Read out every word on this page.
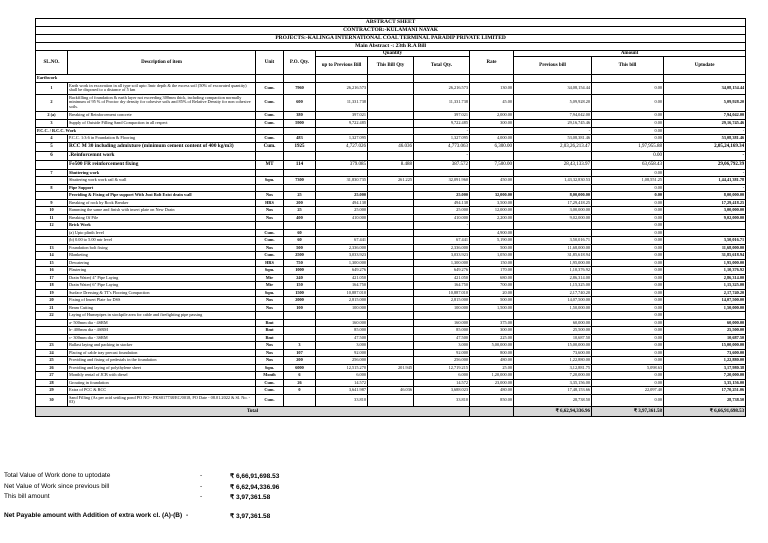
ABSTRACT SHEET										
CONTRACTOR:-KULAMANI NAYAK										
PROJECTS:-KALINGA INTERNATIONAL COAL TERMINAL PARADIP PRIVATE LIMITED										
Main Abstract -: 23th R.A Bill										
SL.NO.	Description of item	Unit	P.O. Qty.	Quantity			Rate	Amount		
				up to Previous Bill	This Bill Qty	Total Qty.		Previous bill	This bill	Uptodate
Earthwork										
1	Earth work in excavation in all type soil upto 3mtr depth & the excess soil (50% of excavated quantity) shall be disposed to a distance of 5 km	Cum.	7960	26,216.573		26,216.573	130.00	34,08,154.44	0.00	34,08,154.44
2	Backfilling of foundation & earth layer not exceeding 300mm thick, including compaction normally minimum of 95 % of Proctor dry density for cohesive soils and 85% of Relative Density for non cohesive soils.	Cum.	600	11,331.738		11,331.738	45.00	5,09,928.20	0.00	5,09,928.20
2 (a)	Breaking of Reinforcement concrete	Cum.	380	397.021		397.021	2,000.00	7,94,042.00	0.00	7,94,042.00
3	Supply of Outside Filling Sand Compaction in all respect	Cum.	5900	9,722.485		9,722.485	300.00	29,16,745.46	0.00	29,16,745.46
P.C.C. / R.C.C. Work						-		-	0.00	-
4	P.C.C. 1:3:6 in Foundation & Flooring	Cum.	483	1,327.095		1,327.095	4,000.00	53,08,381.46	0.00	53,08,381.46
5	RCC M 30 including admixture (minimum cement content of 400 kg/m3)	Cum.	1925	4,727.026	46.036	4,773.063	6,300.00	2,03,26,213.47	1,97,955.88	2,05,24,169.34
6	.Reinforcemnt work					-			0.00	-
	Fe500 FR reinforcement fixing	MT	114	379.085	8.488	387.572	7,500.00	28,43,133.97	63,658.43	29,06,792.39
7	Shuttering work								0.00	-
	Shuttering work work rail & wall	Sqm.	7300	31,830.735	261.225	32,091.960	450.00	1,43,32,830.53	1,08,551.25	1,44,41,381.78
8	Pipe Support								0.00	-
	Providing & Fixing of Pipe support With Just Bolt Exist drain wall	Nos	25	25.000		25.000	32,000.00	8,00,000.00	0.00	8,00,000.00
9	Breaking of rock by Rock Breaker	HRS	200	494.138		494.138	3,500.00	17,29,418.25	0.00	17,29,418.25
10	Ramming the same and finish with insert plate on New Drain	Nos	25	25.000		25.000	12,000.00	3,00,000.00	0.00	3,00,000.00
11	Breaking Of Pile	Nos	400	410.000		410.000	2,200.00	9,02,000.00	0.00	9,02,000.00
12	Brick Work					-			0.00	
	(a) Upto plinth level	Cum.	60				4,900.00		0.00	
	(b) 0.00 to 5.00 mtr level	Cum.	60	67.441		67.441	5,190.00	3,50,016.71	0.00	3,50,016.71
13	Foundation bolt fixing	Nos	500	2,336.000		2,336.000	500.00	11,68,000.00	0.00	11,68,000.00
14	Blanketing	Cum.	2500	3,033.923		3,033.923	1,050.00	31,85,618.94	0.00	31,85,618.94
15	Dewatering	HRS	750	1,300.000		1,300.000	150.00	1,95,000.00	0.00	1,95,000.00
16	Plastering	Sqm.	1000	649.276		649.276	170.00	1,10,376.92	0.00	1,10,376.92
17	Drain Water( 4" Pipe Laying	Mtr	240	421.050		421.050	680.00	2,86,314.00	0.00	2,86,314.00
18	Drain Water( 6" Pipe Laying	Mtr	150	164.750		164.750	700.00	1,15,325.00	0.00	1,15,325.00
19	Surface Dressing & TT's Flooring Compaction	Sqm.	1500	10,887.010		10,887.010	20.00	2,17,740.20	0.00	2,17,740.20
20	Fixing of Insert Plate for DSS	Nos	2000	2,815.000		2,815.000	500.00	14,07,500.00	0.00	14,07,500.00
21	Beam Cutting	Nos	100	100.000		100.000	1,500.00	1,50,000.00	0.00	1,50,000.00
22	Laying of Humepipes in stockpile area for cable and firefighting pipe passing								0.00	
	a- 500mm dia - 4SRM	Rmt		160.000		160.000	375.00	60,000.00	0.00	60,000.00
	b- 400mm dia - 4SRM	Rmt		85.000		85.000	300.00	25,500.00	0.00	25,500.00
	c- 300mm dia - 3SRM	Rmt		47.500		47.500	225.00	10,687.50	0.00	10,687.50
23	Ballast laying and packing in stacker	Nos	3	3.000		3.000	5,00,000.00	15,00,000.00	0.00	15,00,000.00
24	Placing of cable tray precast foundation	Nos	107	92.000		92.000	800.00	73,600.00	0.00	73,600.00
25	Providing and fixing of pedestals in the foundation	Nos	200	256.000		256.000	480.00	1,22,880.00	0.00	1,22,880.00
26	Providing and laying of polythylene sheet	Sqm.	6000	12,515.270	201.945	12,719.215	25.00	3,12,881.75	5,098.63	3,17,980.38
27	Monthly rental of JCB with diesel	Month	6	6.000		6.000	1,20,000.00	7,20,000.00	0.00	7,20,000.00
28	Grouting in foundation	Cum.	26	14.572		14.572	23,000.00	3,35,156.00	0.00	3,35,156.00
29	Extra of PCC & RCC	Cum.	0	3,641.987	46.036	3,688.023	480.00	17,48,153.66	22,097.40	17,70,251.06
30	Sand Filling (As per acid settling pond PO NO - PKS017738/EC/0018, PO Date - 08.01.2022 & Sl. No. - 03)	Cum.		33.810		33.810	850.00	28,738.50	0.00	28,738.50
Total								₹ 6,62,94,336.96	₹ 3,97,361.58	₹ 6,66,91,698.53
Total Value of Work done to uptodate	-	₹ 6,66,91,698.53
Net Value of Work since previous bill	-	₹ 6,62,94,336.96
This bill amount	-	₹ 3,97,361.58
Net Payable amount with Addition of extra work cl. (A)-(B) -	₹ 3,97,361.58
